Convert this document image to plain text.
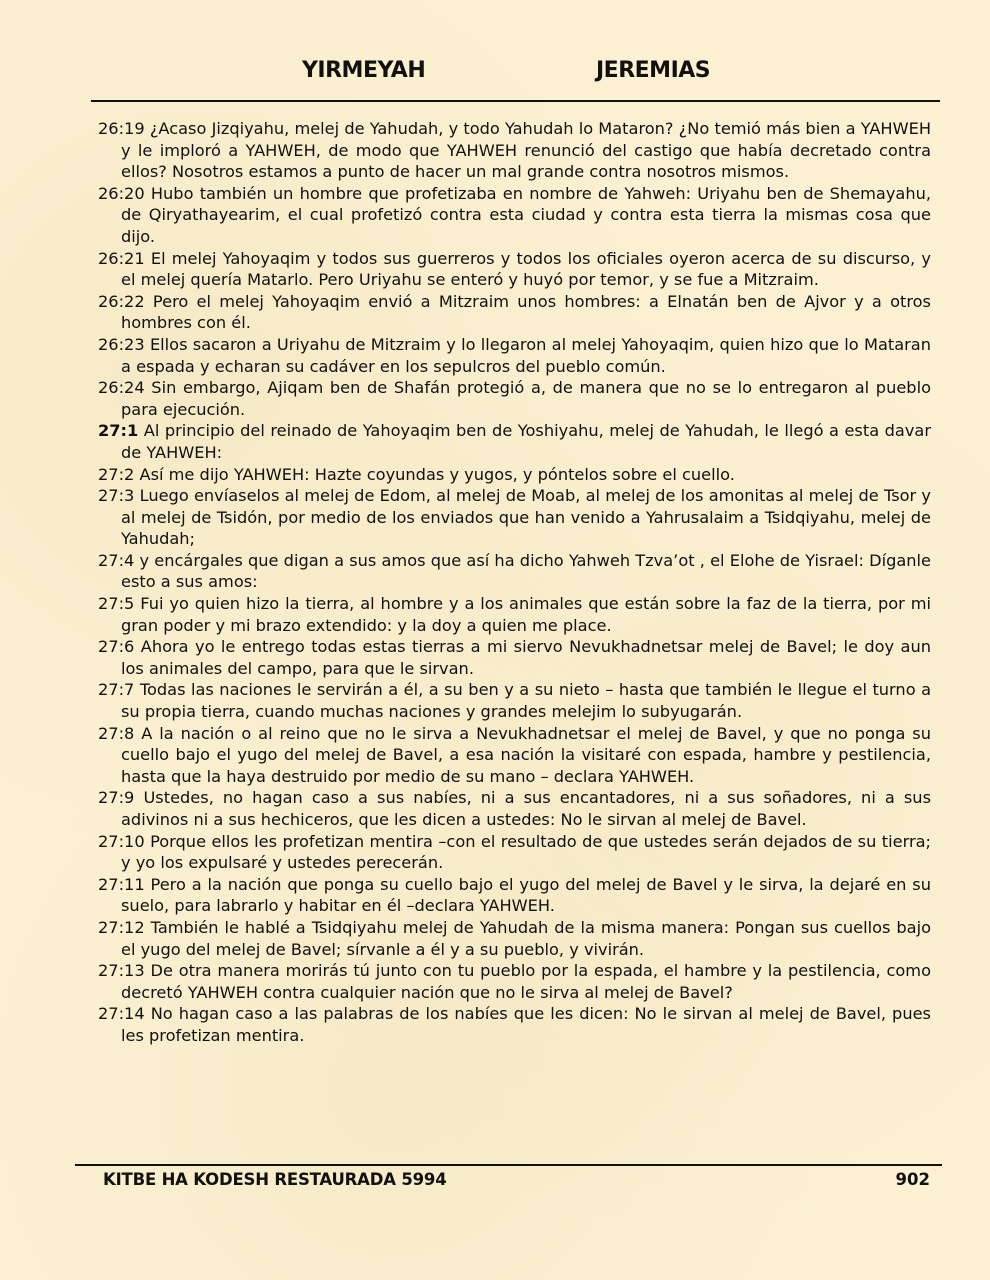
YIRMEYAH	JEREMIAS

26:19 ¿Acaso Jizqiyahu, melej de Yahudah, y todo Yahudah lo Mataron? ¿No temió más bien a YAHWEH y le imploró a YAHWEH, de modo que YAHWEH renunció del castigo que había decretado contra ellos? Nosotros estamos a punto de hacer un mal grande contra nosotros mismos.

26:20 Hubo también un hombre que profetizaba en nombre de Yahweh: Uriyahu ben de Shemayahu, de Qiryathayearim, el cual profetizó contra esta ciudad y contra esta tierra la mismas cosa que dijo.

26:21 El melej Yahoyaqim y todos sus guerreros y todos los oficiales oyeron acerca de su discurso, y el melej quería Matarlo. Pero Uriyahu se enteró y huyó por temor, y se fue a Mitzraim.

26:22 Pero el melej Yahoyaqim envió a Mitzraim unos hombres: a Elnatán ben de Ajvor y a otros hombres con él.

26:23 Ellos sacaron a Uriyahu de Mitzraim y lo llegaron al melej Yahoyaqim, quien hizo que lo Mataran a espada y echaran su cadáver en los sepulcros del pueblo común.

26:24 Sin embargo, Ajiqam ben de Shafán protegió a, de manera que no se lo entregaron al pueblo para ejecución.

27:1 Al principio del reinado de Yahoyaqim ben de Yoshiyahu, melej de Yahudah, le llegó a esta davar de YAHWEH:

27:2 Así me dijo YAHWEH: Hazte coyundas y yugos, y póntelos sobre el cuello.

27:3 Luego envíaselos al melej de Edom, al melej de Moab, al melej de los amonitas al melej de Tsor y al melej de Tsidón, por medio de los enviados que han venido a Yahrusalaim a Tsidqiyahu, melej de Yahudah;

27:4 y encárgales que digan a sus amos que así ha dicho Yahweh Tzva’ot , el Elohe de Yisrael: Díganle esto a sus amos:

27:5 Fui yo quien hizo la tierra, al hombre y a los animales que están sobre la faz de la tierra, por mi gran poder y mi brazo extendido: y la doy a quien me place.

27:6 Ahora yo le entrego todas estas tierras a mi siervo Nevukhadnetsar melej de Bavel; le doy aun los animales del campo, para que le sirvan.

27:7 Todas las naciones le servirán a él, a su ben y a su nieto – hasta que también le llegue el turno a su propia tierra, cuando muchas naciones y grandes melejim lo subyugarán.

27:8 A la nación o al reino que no le sirva a Nevukhadnetsar el melej de Bavel, y que no ponga su cuello bajo el yugo del melej de Bavel, a esa nación la visitaré con espada, hambre y pestilencia, hasta que la haya destruido por medio de su mano – declara YAHWEH.

27:9 Ustedes, no hagan caso a sus nabíes, ni a sus encantadores, ni a sus soñadores, ni a sus adivinos ni a sus hechiceros, que les dicen a ustedes: No le sirvan al melej de Bavel.

27:10 Porque ellos les profetizan mentira –con el resultado de que ustedes serán dejados de su tierra; y yo los expulsaré y ustedes perecerán.

27:11 Pero a la nación que ponga su cuello bajo el yugo del melej de Bavel y le sirva, la dejaré en su suelo, para labrarlo y habitar en él –declara YAHWEH.

27:12 También le hablé a Tsidqiyahu melej de Yahudah de la misma manera: Pongan sus cuellos bajo el yugo del melej de Bavel; sírvanle a él y a su pueblo, y vivirán.

27:13 De otra manera morirás tú junto con tu pueblo por la espada, el hambre y la pestilencia, como decretó YAHWEH contra cualquier nación que no le sirva al melej de Bavel?

27:14 No hagan caso a las palabras de los nabíes que les dicen: No le sirvan al melej de Bavel, pues les profetizan mentira.

KITBE HA KODESH RESTAURADA 5994	902
